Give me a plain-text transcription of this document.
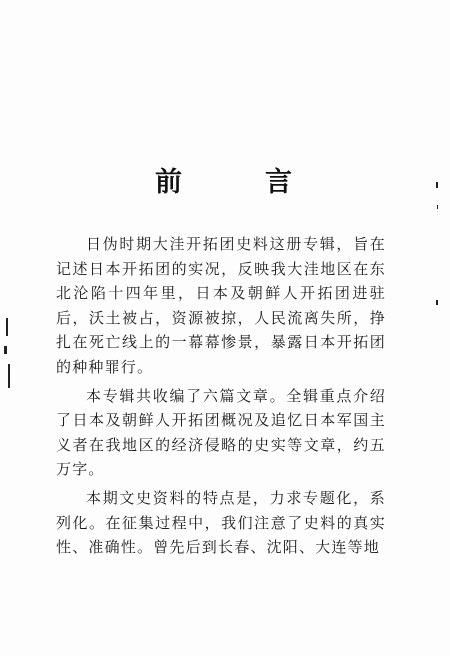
前	言

日伪时期大洼开拓团史料这册专辑，旨在记述日本开拓团的实况，反映我大洼地区在东北沦陷十四年里，日本及朝鲜人开拓团进驻后，沃土被占，资源被掠，人民流离失所，挣扎在死亡线上的一幕幕惨景，暴露日本开拓团的种种罪行。

本专辑共收编了六篇文章。全辑重点介绍了日本及朝鲜人开拓团概况及追忆日本军国主义者在我地区的经济侵略的史实等文章，约五万字。

本期文史资料的特点是，力求专题化，系列化。在征集过程中，我们注意了史料的真实性、准确性。曾先后到长春、沈阳、大连等地
